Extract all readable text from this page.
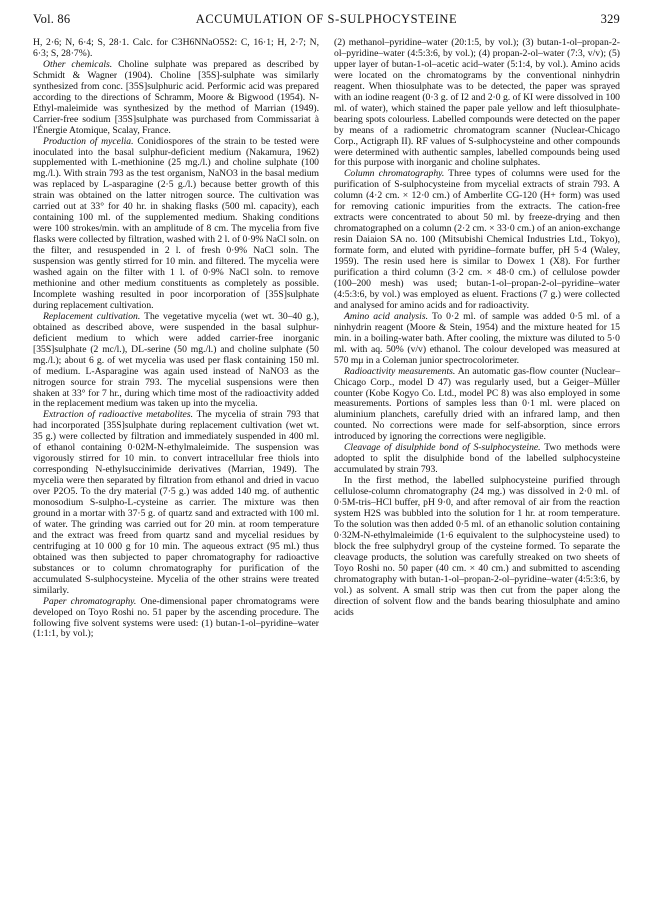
Vol. 86	ACCUMULATION OF S-SULPHOCYSTEINE	329

H, 2·6; N, 6·4; S, 28·1. Calc. for C3H6NNaO5S2: C, 16·1; H, 2·7; N, 6·3; S, 28·7%).

Other chemicals. Choline sulphate was prepared as described by Schmidt & Wagner (1904). Choline [35S]-sulphate was similarly synthesized from conc. [35S]sulphuric acid. Performic acid was prepared according to the directions of Schramm, Moore & Bigwood (1954). N-Ethyl-maleimide was synthesized by the method of Marrian (1949). Carrier-free sodium [35S]sulphate was purchased from Commissariat à l'Énergie Atomique, Scalay, France.

Production of mycelia. Conidiospores of the strain to be tested were inoculated into the basal sulphur-deficient medium (Nakamura, 1962) supplemented with L-methionine (25 mg./l.) and choline sulphate (100 mg./l.). With strain 793 as the test organism, NaNO3 in the basal medium was replaced by L-asparagine (2·5 g./l.) because better growth of this strain was obtained on the latter nitrogen source. The cultivation was carried out at 33° for 40 hr. in shaking flasks (500 ml. capacity), each containing 100 ml. of the supplemented medium. Shaking conditions were 100 strokes/min. with an amplitude of 8 cm. The mycelia from five flasks were collected by filtration, washed with 2 l. of 0·9% NaCl soln. on the filter, and resuspended in 2 l. of fresh 0·9% NaCl soln. The suspension was gently stirred for 10 min. and filtered. The mycelia were washed again on the filter with 1 l. of 0·9% NaCl soln. to remove methionine and other medium constituents as completely as possible. Incomplete washing resulted in poor incorporation of [35S]sulphate during replacement cultivation.

Replacement cultivation. The vegetative mycelia (wet wt. 30–40 g.), obtained as described above, were suspended in the basal sulphur-deficient medium to which were added carrier-free inorganic [35S]sulphate (2 mc/l.), DL-serine (50 mg./l.) and choline sulphate (50 mg./l.); about 6 g. of wet mycelia was used per flask containing 150 ml. of medium. L-Asparagine was again used instead of NaNO3 as the nitrogen source for strain 793. The mycelial suspensions were then shaken at 33° for 7 hr., during which time most of the radioactivity added in the replacement medium was taken up into the mycelia.

Extraction of radioactive metabolites. The mycelia of strain 793 that had incorporated [35S]sulphate during replacement cultivation (wet wt. 35 g.) were collected by filtration and immediately suspended in 400 ml. of ethanol containing 0·02M-N-ethylmaleimide. The suspension was vigorously stirred for 10 min. to convert intracellular free thiols into corresponding N-ethylsuccinimide derivatives (Marrian, 1949). The mycelia were then separated by filtration from ethanol and dried in vacuo over P2O5. To the dry material (7·5 g.) was added 140 mg. of authentic monosodium S-sulpho-L-cysteine as carrier. The mixture was then ground in a mortar with 37·5 g. of quartz sand and extracted with 100 ml. of water. The grinding was carried out for 20 min. at room temperature and the extract was freed from quartz sand and mycelial residues by centrifuging at 10 000 g for 10 min. The aqueous extract (95 ml.) thus obtained was then subjected to paper chromatography for radioactive substances or to column chromatography for purification of the accumulated S-sulphocysteine. Mycelia of the other strains were treated similarly.

Paper chromatography. One-dimensional paper chromatograms were developed on Toyo Roshi no. 51 paper by the ascending procedure. The following five solvent systems were used: (1) butan-1-ol–pyridine–water (1:1:1, by vol.);

(2) methanol–pyridine–water (20:1:5, by vol.); (3) butan-1-ol–propan-2-ol–pyridine–water (4:5:3:6, by vol.); (4) propan-2-ol–water (7:3, v/v); (5) upper layer of butan-1-ol–acetic acid–water (5:1:4, by vol.). Amino acids were located on the chromatograms by the conventional ninhydrin reagent. When thiosulphate was to be detected, the paper was sprayed with an iodine reagent (0·3 g. of I2 and 2·0 g. of KI were dissolved in 100 ml. of water), which stained the paper pale yellow and left thiosulphate-bearing spots colourless. Labelled compounds were detected on the paper by means of a radiometric chromatogram scanner (Nuclear-Chicago Corp., Actigraph II). RF values of S-sulphocysteine and other compounds were determined with authentic samples, labelled compounds being used for this purpose with inorganic and choline sulphates.

Column chromatography. Three types of columns were used for the purification of S-sulphocysteine from mycelial extracts of strain 793. A column (4·2 cm. × 12·0 cm.) of Amberlite CG-120 (H+ form) was used for removing cationic impurities from the extracts. The cation-free extracts were concentrated to about 50 ml. by freeze-drying and then chromatographed on a column (2·2 cm. × 33·0 cm.) of an anion-exchange resin Daiaion SA no. 100 (Mitsubishi Chemical Industries Ltd., Tokyo), formate form, and eluted with pyridine–formate buffer, pH 5·4 (Waley, 1959). The resin used here is similar to Dowex 1 (X8). For further purification a third column (3·2 cm. × 48·0 cm.) of cellulose powder (100–200 mesh) was used; butan-1-ol–propan-2-ol–pyridine–water (4:5:3:6, by vol.) was employed as eluent. Fractions (7 g.) were collected and analysed for amino acids and for radioactivity.

Amino acid analysis. To 0·2 ml. of sample was added 0·5 ml. of a ninhydrin reagent (Moore & Stein, 1954) and the mixture heated for 15 min. in a boiling-water bath. After cooling, the mixture was diluted to 5·0 ml. with aq. 50% (v/v) ethanol. The colour developed was measured at 570 mμ in a Coleman junior spectrocolorimeter.

Radioactivity measurements. An automatic gas-flow counter (Nuclear–Chicago Corp., model D 47) was regularly used, but a Geiger–Müller counter (Kobe Kogyo Co. Ltd., model PC 8) was also employed in some measurements. Portions of samples less than 0·1 ml. were placed on aluminium planchets, carefully dried with an infrared lamp, and then counted. No corrections were made for self-absorption, since errors introduced by ignoring the corrections were negligible.

Cleavage of disulphide bond of S-sulphocysteine. Two methods were adopted to split the disulphide bond of the labelled sulphocysteine accumulated by strain 793.

In the first method, the labelled sulphocysteine purified through cellulose-column chromatography (24 mg.) was dissolved in 2·0 ml. of 0·5M-tris–HCl buffer, pH 9·0, and after removal of air from the reaction system H2S was bubbled into the solution for 1 hr. at room temperature. To the solution was then added 0·5 ml. of an ethanolic solution containing 0·32M-N-ethylmaleimide (1·6 equivalent to the sulphocysteine used) to block the free sulphydryl group of the cysteine formed. To separate the cleavage products, the solution was carefully streaked on two sheets of Toyo Roshi no. 50 paper (40 cm. × 40 cm.) and submitted to ascending chromatography with butan-1-ol–propan-2-ol–pyridine–water (4:5:3:6, by vol.) as solvent. A small strip was then cut from the paper along the direction of solvent flow and the bands bearing thiosulphate and amino acids
